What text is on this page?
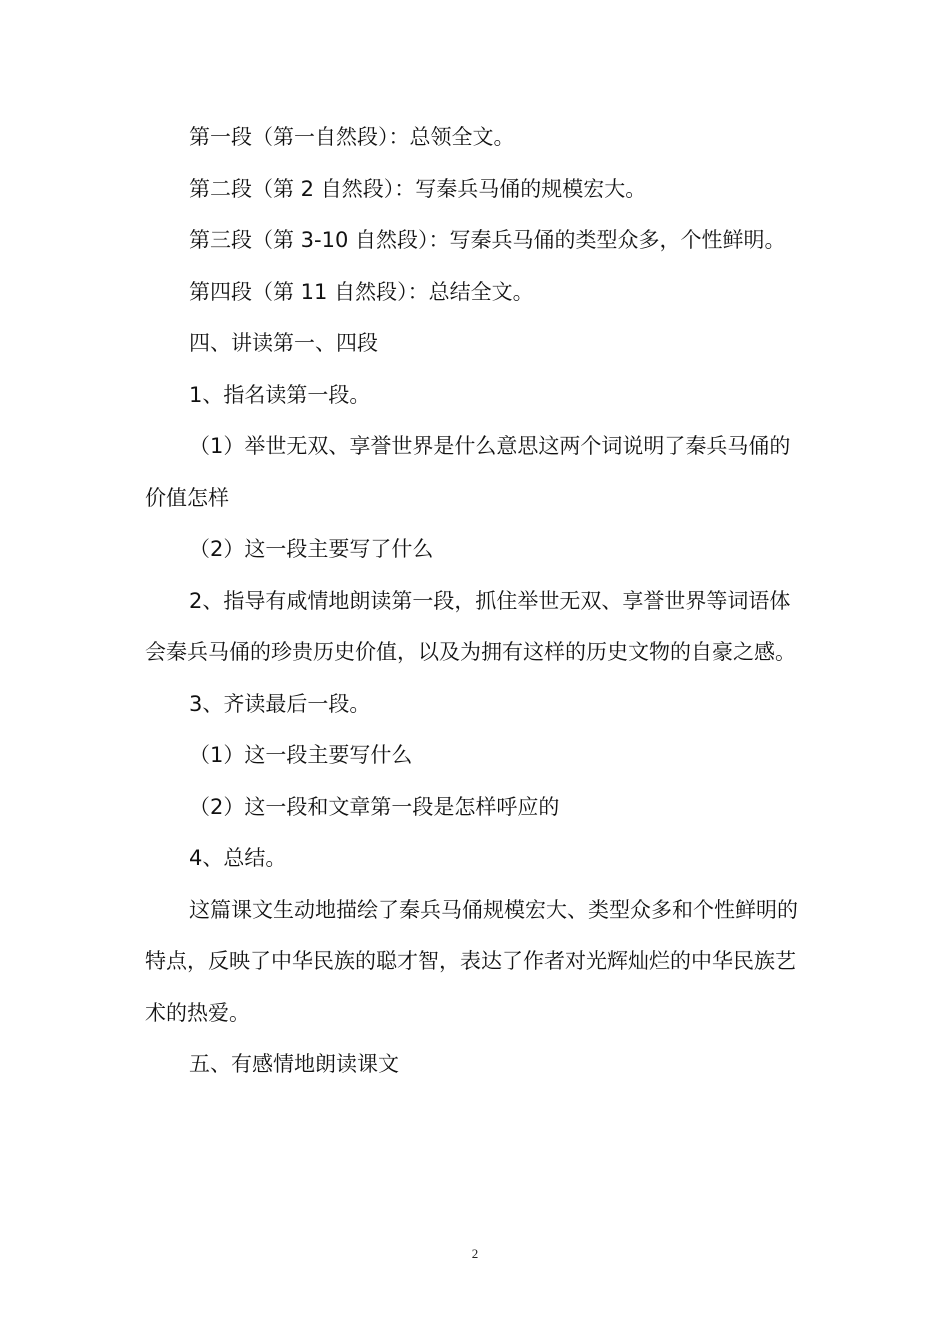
第一段（第一自然段）：总领全文。

第二段（第 2 自然段）：写秦兵马俑的规模宏大。

第三段（第 3-10 自然段）：写秦兵马俑的类型众多，个性鲜明。

第四段（第 11 自然段）：总结全文。

四、讲读第一、四段

1、指名读第一段。

（1）举世无双、享誉世界是什么意思这两个词说明了秦兵马俑的价值怎样

（2）这一段主要写了什么

2、指导有咸情地朗读第一段，抓住举世无双、享誉世界等词语体会秦兵马俑的珍贵历史价值，以及为拥有这样的历史文物的自豪之感。

3、齐读最后一段。

（1）这一段主要写什么

（2）这一段和文章第一段是怎样呼应的

4、总结。

这篇课文生动地描绘了秦兵马俑规模宏大、类型众多和个性鲜明的特点，反映了中华民族的聪才智，表达了作者对光辉灿烂的中华民族艺术的热爱。

五、有感情地朗读课文

2
